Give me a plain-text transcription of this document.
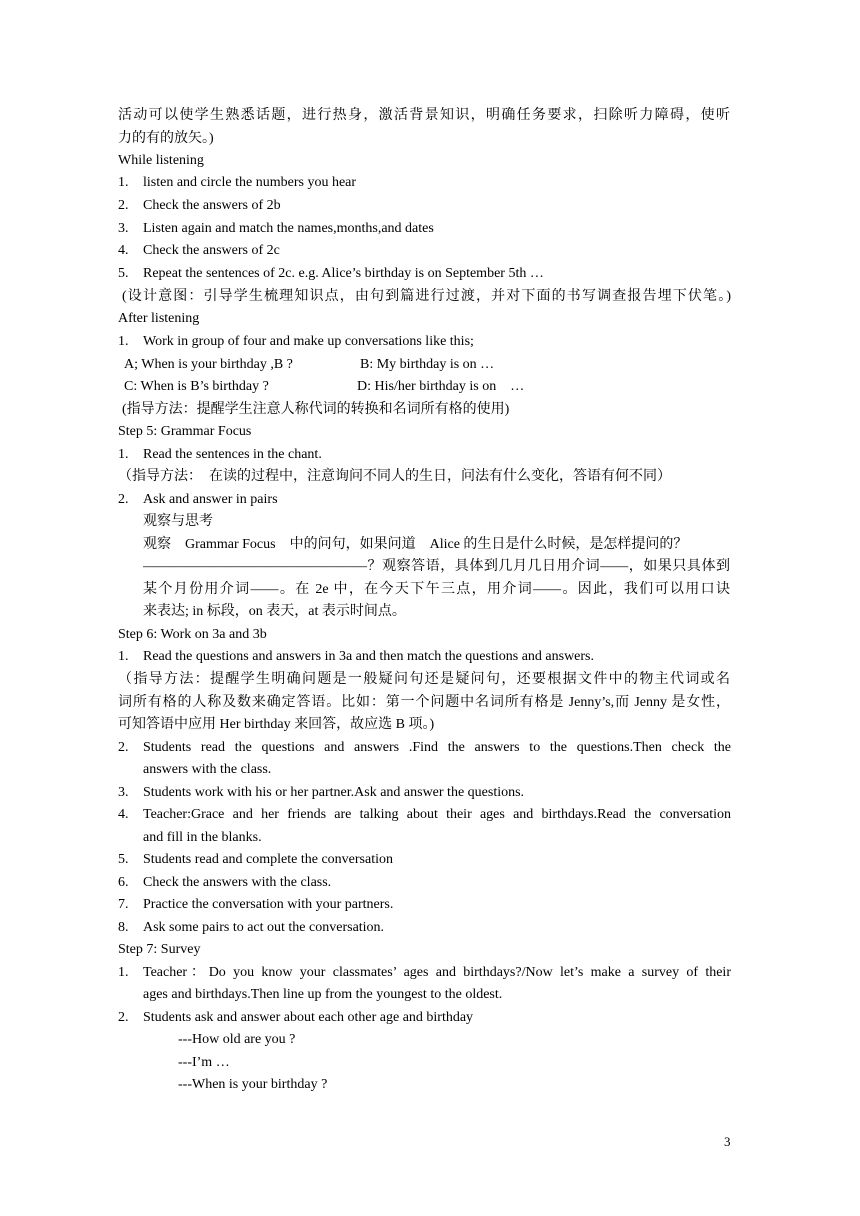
活动可以使学生熟悉话题，进行热身，激活背景知识，明确任务要求，扫除听力障碍，使听
力的有的放矢。)
While listening
1. listen and circle the numbers you hear
2. Check the answers of 2b
3. Listen again and match the names,months,and dates
4. Check the answers of 2c
5. Repeat the sentences of 2c. e.g. Alice’s birthday is on September 5th …
(设计意图：引导学生梳理知识点，由句到篇进行过渡，并对下面的书写调查报告埋下伏笔。)
After listening
1. Work in group of four and make up conversations like this;
A; When is your birthday ,B ?	B: My birthday is on …
C: When is B’s birthday ?	D: His/her birthday is on　…
(指导方法：提醒学生注意人称代词的转换和名词所有格的使用)
Step 5: Grammar Focus
1. Read the sentences in the chant.
（指导方法：　在读的过程中，注意询问不同人的生日，问法有什么变化，答语有何不同）
2. Ask and answer in pairs
观察与思考
观察　Grammar Focus　中的问句，如果问道　Alice 的生日是什么时候，是怎样提问的？
————————————————？观察答语，具体到几月几日用介词——，如果只具体到
某个月份用介词——。在 2e 中，在今天下午三点，用介词——。因此，我们可以用口诀
来表达; in 标段，on 表天，at 表示时间点。
Step 6: Work on 3a and 3b
1. Read the questions and answers in 3a and then match the questions and answers.
（指导方法：提醒学生明确问题是一般疑问句还是疑问句，还要根据文件中的物主代词或名
词所有格的人称及数来确定答语。比如：第一个问题中名词所有格是 Jenny’s,而 Jenny 是女性，
可知答语中应用 Her birthday 来回答，故应选 B 项。)
2. Students read the questions and answers .Find the answers to the questions.Then check the
answers with the class.
3. Students work with his or her partner.Ask and answer the questions.
4. Teacher:Grace and her friends are talking about their ages and birthdays.Read the conversation
and fill in the blanks.
5. Students read and complete the conversation
6. Check the answers with the class.
7. Practice the conversation with your partners.
8. Ask some pairs to act out the conversation.
Step 7: Survey
1. Teacher：Do you know your classmates’ ages and birthdays?/Now let’s make a survey of their
ages and birthdays.Then line up from the youngest to the oldest.
2. Students ask and answer about each other age and birthday
---How old are you ?
---I’m …
---When is your birthday ?
3
